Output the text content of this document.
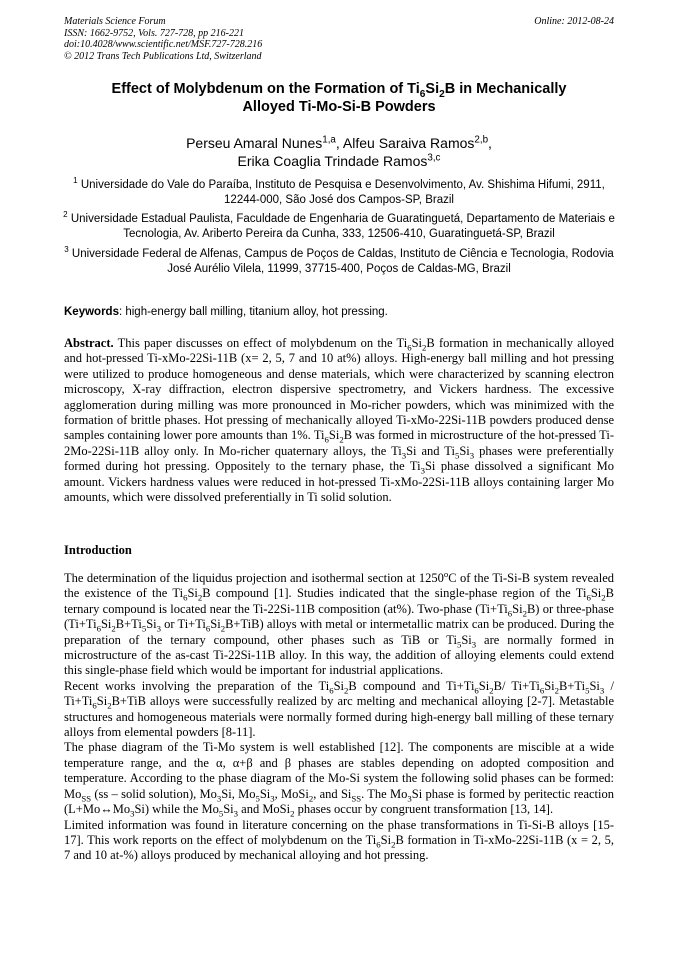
Materials Science Forum
ISSN: 1662-9752, Vols. 727-728, pp 216-221
doi:10.4028/www.scientific.net/MSF.727-728.216
© 2012 Trans Tech Publications Ltd, Switzerland
Online: 2012-08-24
Effect of Molybdenum on the Formation of $Ti_6Si_2B$ in Mechanically
Alloyed Ti-Mo-Si-B Powders
Perseu Amaral Nunes$^{1,a}$, Alfeu Saraiva Ramos$^{2,b}$,
Erika Coaglia Trindade Ramos$^{3,c}$
$^1$ Universidade do Vale do Paraíba, Instituto de Pesquisa e Desenvolvimento, Av. Shishima Hifumi, 2911, 12244-000, São José dos Campos-SP, Brazil
$^2$ Universidade Estadual Paulista, Faculdade de Engenharia de Guaratinguetá, Departamento de Materiais e Tecnologia, Av. Ariberto Pereira da Cunha, 333, 12506-410, Guaratinguetá-SP, Brazil
$^3$ Universidade Federal de Alfenas, Campus de Poços de Caldas, Instituto de Ciência e Tecnologia, Rodovia José Aurélio Vilela, 11999, 37715-400, Poços de Caldas-MG, Brazil
Keywords: high-energy ball milling, titanium alloy, hot pressing.

Abstract. This paper discusses on effect of molybdenum on the $Ti_6Si_2B$ formation in mechanically alloyed and hot-pressed Ti-xMo-22Si-11B (x= 2, 5, 7 and 10 at%) alloys. High-energy ball milling and hot pressing were utilized to produce homogeneous and dense materials, which were characterized by scanning electron microscopy, X-ray diffraction, electron dispersive spectrometry, and Vickers hardness. The excessive agglomeration during milling was more pronounced in Mo-richer powders, which was minimized with the formation of brittle phases. Hot pressing of mechanically alloyed Ti-xMo-22Si-11B powders produced dense samples containing lower pore amounts than 1%. $Ti_6Si_2B$ was formed in microstructure of the hot-pressed Ti-2Mo-22Si-11B alloy only. In Mo-richer quaternary alloys, the $Ti_3Si$ and $Ti_5Si_3$ phases were preferentially formed during hot pressing. Oppositely to the ternary phase, the $Ti_3Si$ phase dissolved a significant Mo amount. Vickers hardness values were reduced in hot-pressed Ti-xMo-22Si-11B alloys containing larger Mo amounts, which were dissolved preferentially in Ti solid solution.

Introduction

The determination of the liquidus projection and isothermal section at 1250$^o$C of the Ti-Si-B system revealed the existence of the $Ti_6Si_2B$ compound [1]. Studies indicated that the single-phase region of the $Ti_6Si_2B$ ternary compound is located near the Ti-22Si-11B composition (at%). Two-phase $(Ti+Ti_6Si_2B)$ or three-phase ($Ti+Ti_6Si_2B+Ti_5Si_3$ or $Ti+Ti_6Si_2B+TiB$) alloys with metal or intermetallic matrix can be produced. During the preparation of the ternary compound, other phases such as TiB or $Ti_5Si_3$ are normally formed in microstructure of the as-cast Ti-22Si-11B alloy. In this way, the addition of alloying elements could extend this single-phase field which would be important for industrial applications.

Recent works involving the preparation of the $Ti_6Si_2B$ compound and $Ti+Ti_6Si_2B/$ $Ti+Ti_6Si_2B+Ti_5Si_3 / Ti+Ti_6Si_2B+TiB$ alloys were successfully realized by arc melting and mechanical alloying [2-7]. Metastable structures and homogeneous materials were normally formed during high-energy ball milling of these ternary alloys from elemental powders [8-11].

The phase diagram of the Ti-Mo system is well established [12]. The components are miscible at a wide temperature range, and the α, α+β and β phases are stables depending on adopted composition and temperature. According to the phase diagram of the Mo-Si system the following solid phases can be formed: $Mo_{SS}$ (ss – solid solution), $Mo_3Si$, $Mo_5Si_3$, MoSi$_2$, and $Si_{SS}$. The $Mo_3Si$ phase is formed by peritectic reaction $(L+Mo\leftrightarrow Mo_3Si)$ while the $Mo_5Si_3$ and MoSi$_2$ phases occur by congruent transformation [13, 14].

Limited information was found in literature concerning on the phase transformations in Ti-Si-B alloys [15-17]. This work reports on the effect of molybdenum on the $Ti_6Si_2B$ formation in Ti-xMo-22Si-11B (x = 2, 5, 7 and 10 at-%) alloys produced by mechanical alloying and hot pressing.
